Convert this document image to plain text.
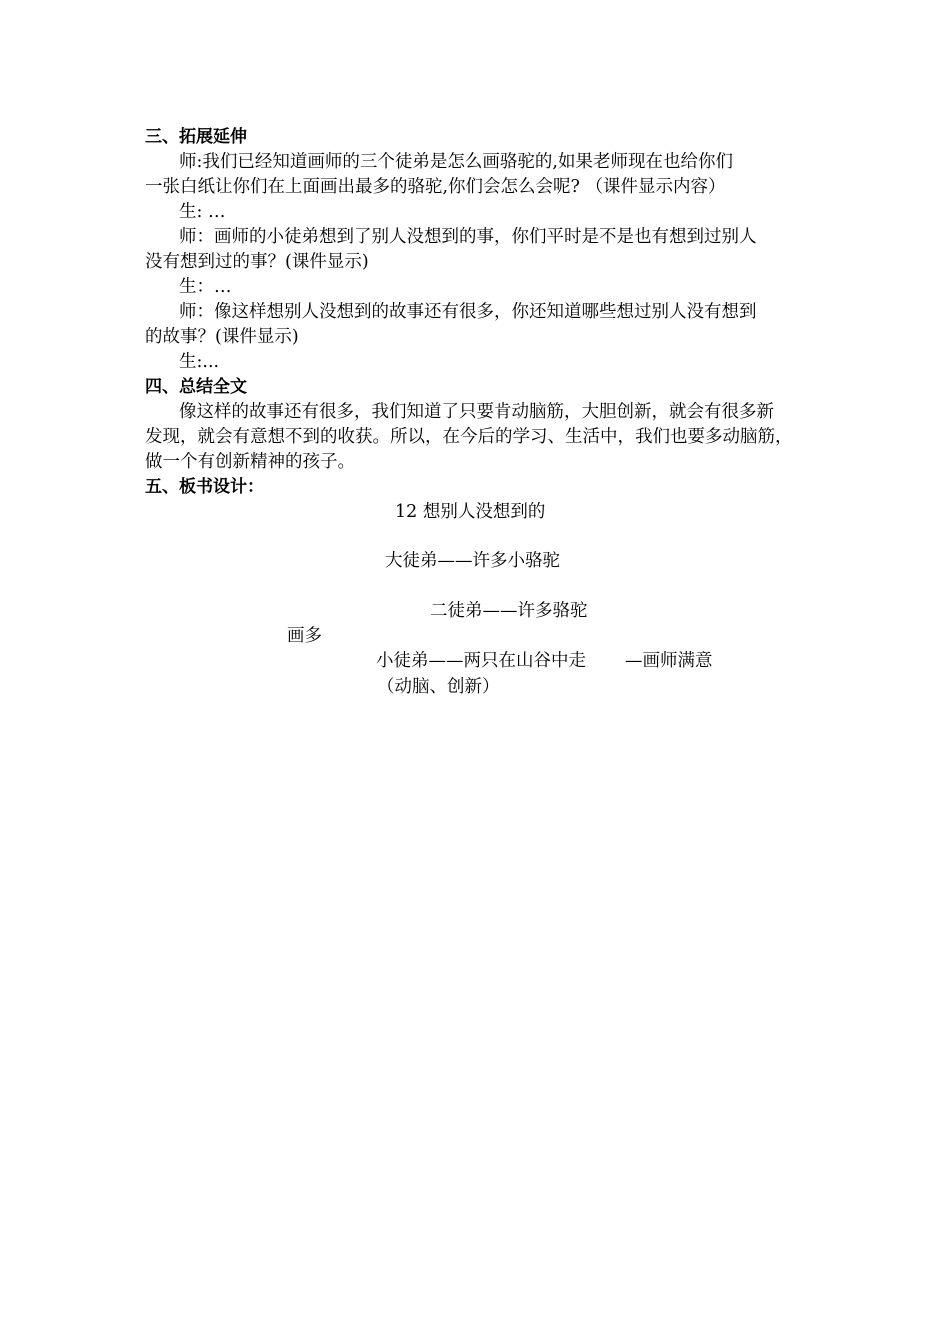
三、拓展延伸
师:我们已经知道画师的三个徒弟是怎么画骆驼的,如果老师现在也给你们
一张白纸让你们在上面画出最多的骆驼,你们会怎么会呢? （课件显示内容）
生: …
师：画师的小徒弟想到了别人没想到的事，你们平时是不是也有想到过别人
没有想到过的事？(课件显示)
生：…
师：像这样想别人没想到的故事还有很多，你还知道哪些想过别人没有想到
的故事？(课件显示)
生:...
四、总结全文
像这样的故事还有很多，我们知道了只要肯动脑筋，大胆创新，就会有很多新
发现，就会有意想不到的收获。所以，在今后的学习、生活中，我们也要多动脑筋，
做一个有创新精神的孩子。
五、板书设计：
12 想别人没想到的
大徒弟——许多小骆驼
二徒弟——许多骆驼
画多
小徒弟——两只在山谷中走 —画师满意
（动脑、创新）
